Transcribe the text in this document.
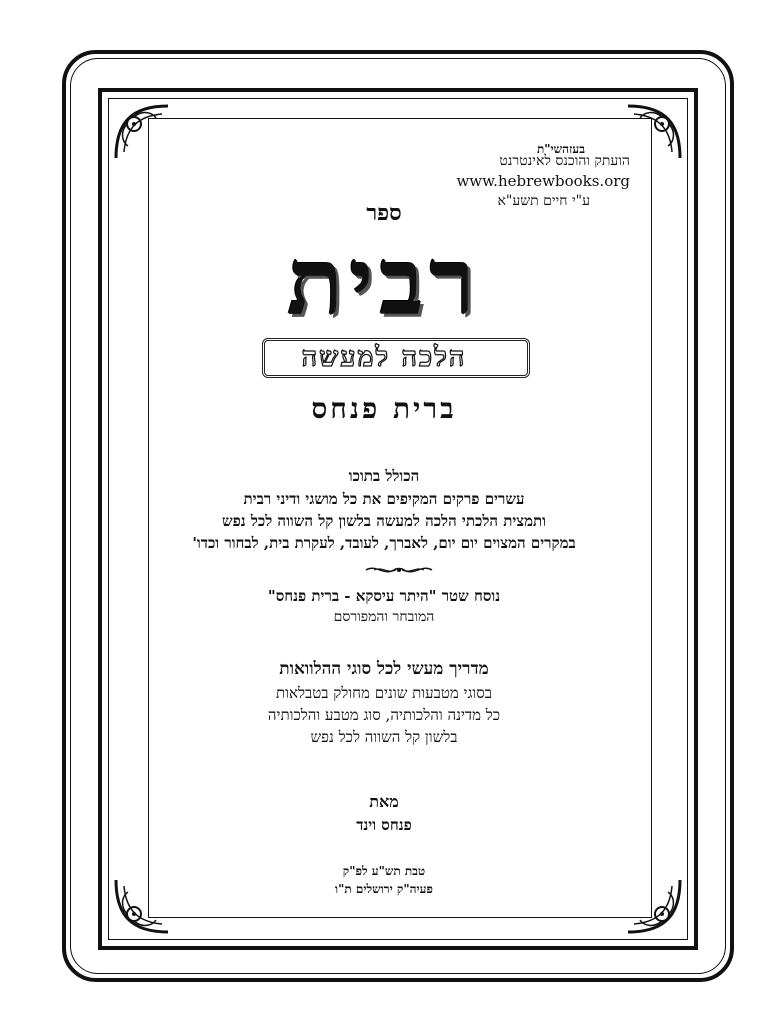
בעזהשי"ת
הועתק והוכנס לאינטרנט
www.hebrewbooks.org
ע"י חיים תשע"א
ספר
רבית
הלכה למעשה
ברית פנחס
הכולל בתוכו
עשרים פרקים המקיפים את כל מושגי ודיני רבית
ותמצית הלכתי הלכה למעשה בלשון קל השווה לכל נפש
במקרים המצוים יום יום, לאברך, לעובד, לעקרת בית, לבחור וכדו'
נוסח שטר "היתר עיסקא - ברית פנחס"
המובחר והמפורסם
מדריך מעשי לכל סוגי ההלוואות
בסוגי מטבעות שונים מחולק בטבלאות
כל מדינה והלכותיה, סוג מטבע והלכותיה
בלשון קל השווה לכל נפש
מאת
פנחס וינד
טבת תש"ע לפ"ק
פעיה"ק ירושלים ת"ו
